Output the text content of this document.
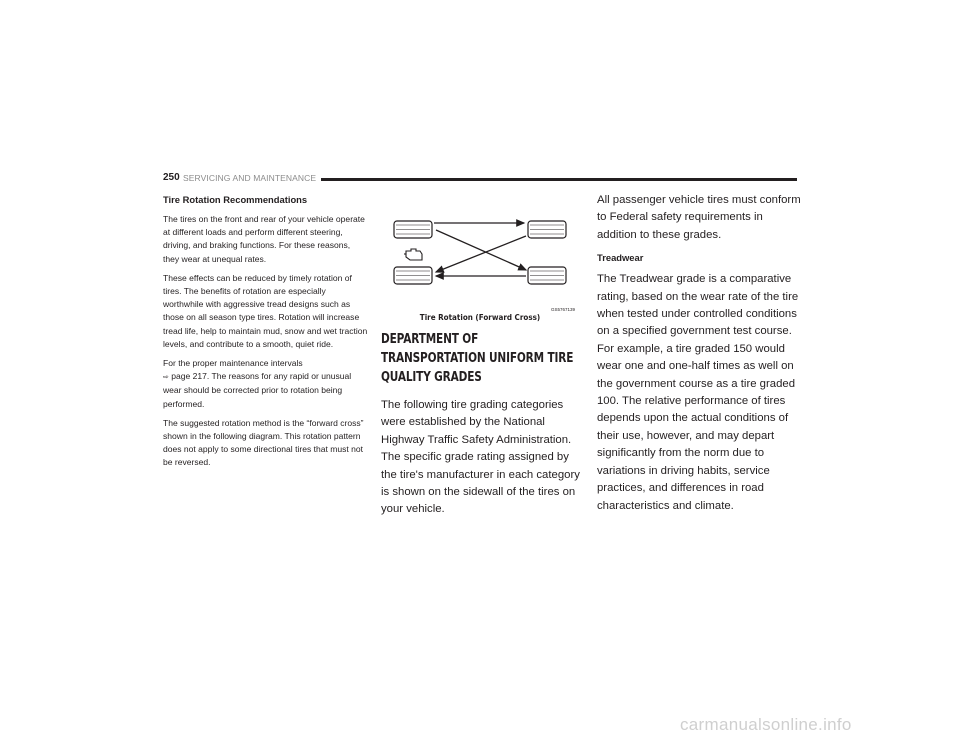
250 SERVICING AND MAINTENANCE
Tire Rotation Recommendations

The tires on the front and rear of your vehicle operate at different loads and perform different steering, driving, and braking functions. For these reasons, they wear at unequal rates.

These effects can be reduced by timely rotation of tires. The benefits of rotation are especially worthwhile with aggressive tread designs such as those on all season type tires. Rotation will increase tread life, help to maintain mud, snow and wet traction levels, and contribute to a smooth, quiet ride.

For the proper maintenance intervals
⇨ page 217. The reasons for any rapid or unusual wear should be corrected prior to rotation being performed.

The suggested rotation method is the “forward cross” shown in the following diagram. This rotation pattern does not apply to some directional tires that must not be reversed.

GS5767139
Tire Rotation (Forward Cross)
DEPARTMENT OF TRANSPORTATION UNIFORM TIRE QUALITY GRADES

The following tire grading categories were established by the National Highway Traffic Safety Administration. The specific grade rating assigned by the tire's manufacturer in each category is shown on the sidewall of the tires on your vehicle.

All passenger vehicle tires must conform to Federal safety requirements in addition to these grades.

Treadwear

The Treadwear grade is a comparative rating, based on the wear rate of the tire when tested under controlled conditions on a specified government test course. For example, a tire graded 150 would wear one and one-half times as well on the government course as a tire graded 100. The relative performance of tires depends upon the actual conditions of their use, however, and may depart significantly from the norm due to variations in driving habits, service practices, and differences in road characteristics and climate.

carmanualsonline.info
